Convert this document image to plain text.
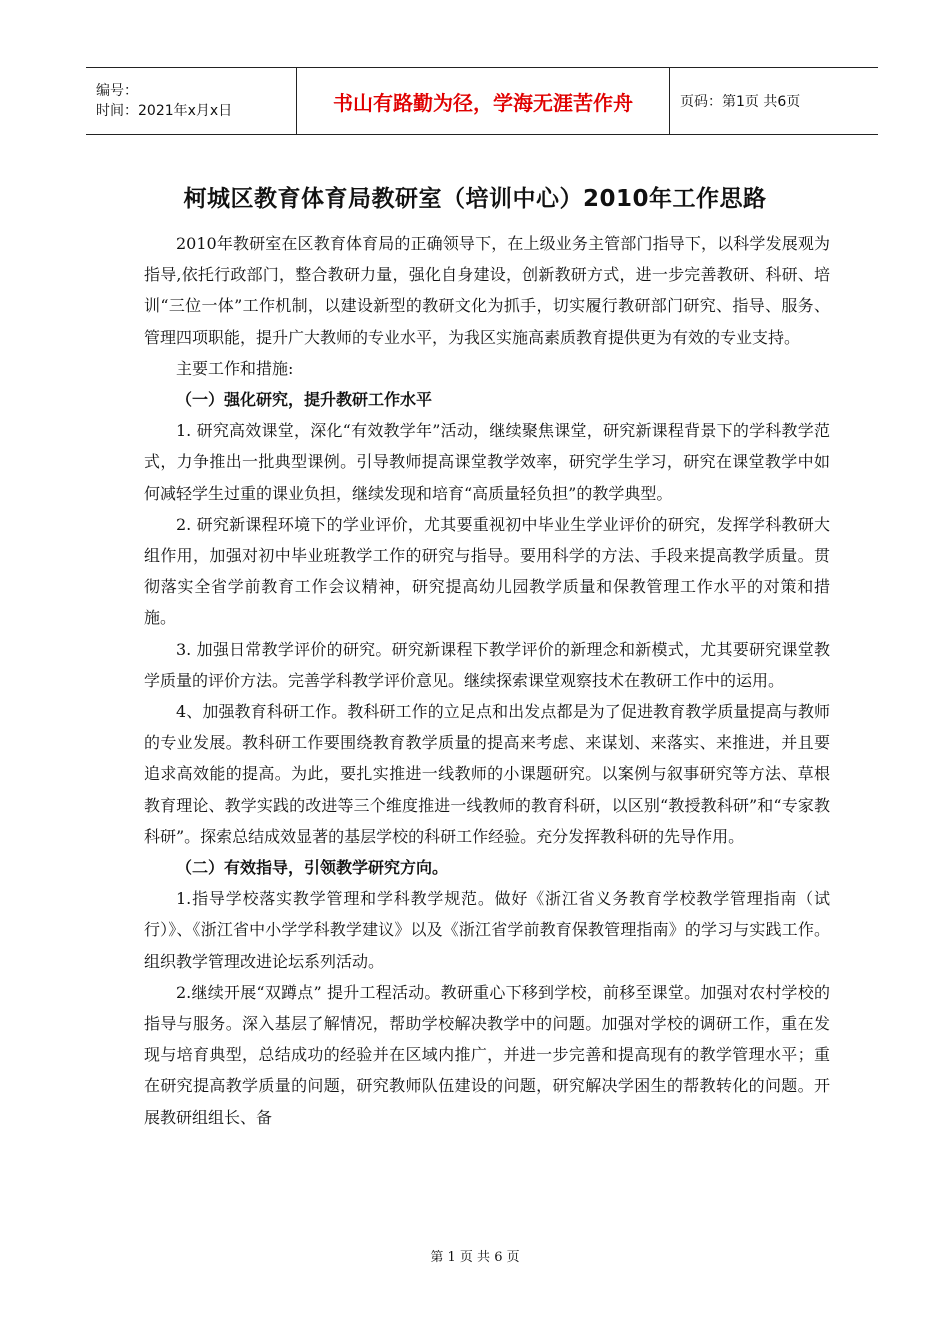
编号：
时间：2021年x月x日	书山有路勤为径，学海无涯苦作舟	页码：第1页 共6页
柯城区教育体育局教研室（培训中心）2010年工作思路

2010年教研室在区教育体育局的正确领导下，在上级业务主管部门指导下，以科学发展观为指导,依托行政部门，整合教研力量，强化自身建设，创新教研方式，进一步完善教研、科研、培训“三位一体”工作机制，以建设新型的教研文化为抓手，切实履行教研部门研究、指导、服务、管理四项职能，提升广大教师的专业水平，为我区实施高素质教育提供更为有效的专业支持。

主要工作和措施:

（一）强化研究，提升教研工作水平

1. 研究高效课堂，深化“有效教学年”活动，继续聚焦课堂，研究新课程背景下的学科教学范式，力争推出一批典型课例。引导教师提高课堂教学效率，研究学生学习，研究在课堂教学中如何减轻学生过重的课业负担，继续发现和培育“高质量轻负担”的教学典型。

2. 研究新课程环境下的学业评价，尤其要重视初中毕业生学业评价的研究，发挥学科教研大组作用，加强对初中毕业班教学工作的研究与指导。要用科学的方法、手段来提高教学质量。贯彻落实全省学前教育工作会议精神，研究提高幼儿园教学质量和保教管理工作水平的对策和措施。

3. 加强日常教学评价的研究。研究新课程下教学评价的新理念和新模式，尤其要研究课堂教学质量的评价方法。完善学科教学评价意见。继续探索课堂观察技术在教研工作中的运用。

4、加强教育科研工作。教科研工作的立足点和出发点都是为了促进教育教学质量提高与教师的专业发展。教科研工作要围绕教育教学质量的提高来考虑、来谋划、来落实、来推进，并且要追求高效能的提高。为此，要扎实推进一线教师的小课题研究。以案例与叙事研究等方法、草根教育理论、教学实践的改进等三个维度推进一线教师的教育科研，以区别“教授教科研”和“专家教科研”。探索总结成效显著的基层学校的科研工作经验。充分发挥教科研的先导作用。

（二）有效指导，引领教学研究方向。

1.指导学校落实教学管理和学科教学规范。做好《浙江省义务教育学校教学管理指南（试行）》、《浙江省中小学学科教学建议》以及《浙江省学前教育保教管理指南》的学习与实践工作。组织教学管理改进论坛系列活动。

2.继续开展“双蹲点” 提升工程活动。教研重心下移到学校，前移至课堂。加强对农村学校的指导与服务。深入基层了解情况，帮助学校解决教学中的问题。加强对学校的调研工作，重在发现与培育典型，总结成功的经验并在区域内推广，并进一步完善和提高现有的教学管理水平；重在研究提高教学质量的问题，研究教师队伍建设的问题，研究解决学困生的帮教转化的问题。开展教研组组长、备

第 1 页 共 6 页
